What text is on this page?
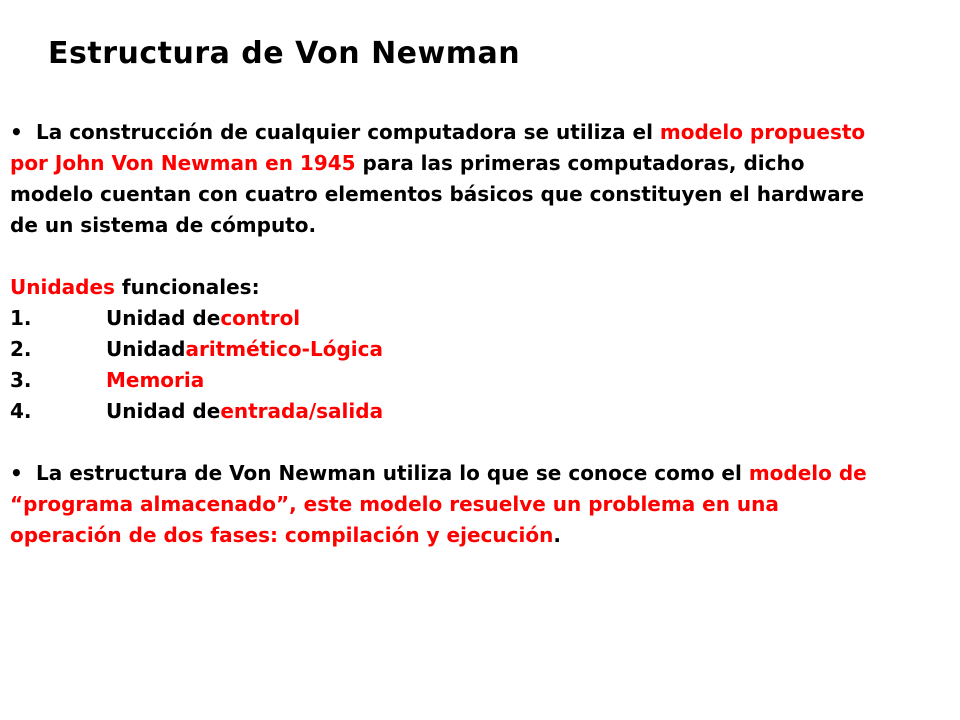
Estructura de Von Newman

• La construcción de cualquier computadora se utiliza el modelo propuesto por John Von Newman en 1945 para las primeras computadoras, dicho modelo cuentan con cuatro elementos básicos que constituyen el hardware de un sistema de cómputo.

Unidades funcionales:
1.	Unidad de control
2.	Unidad aritmético-Lógica
3.	Memoria
4.	Unidad de entrada/salida

• La estructura de Von Newman utiliza lo que se conoce como el modelo de “programa almacenado”, este modelo resuelve un problema en una operación de dos fases: compilación y ejecución.
